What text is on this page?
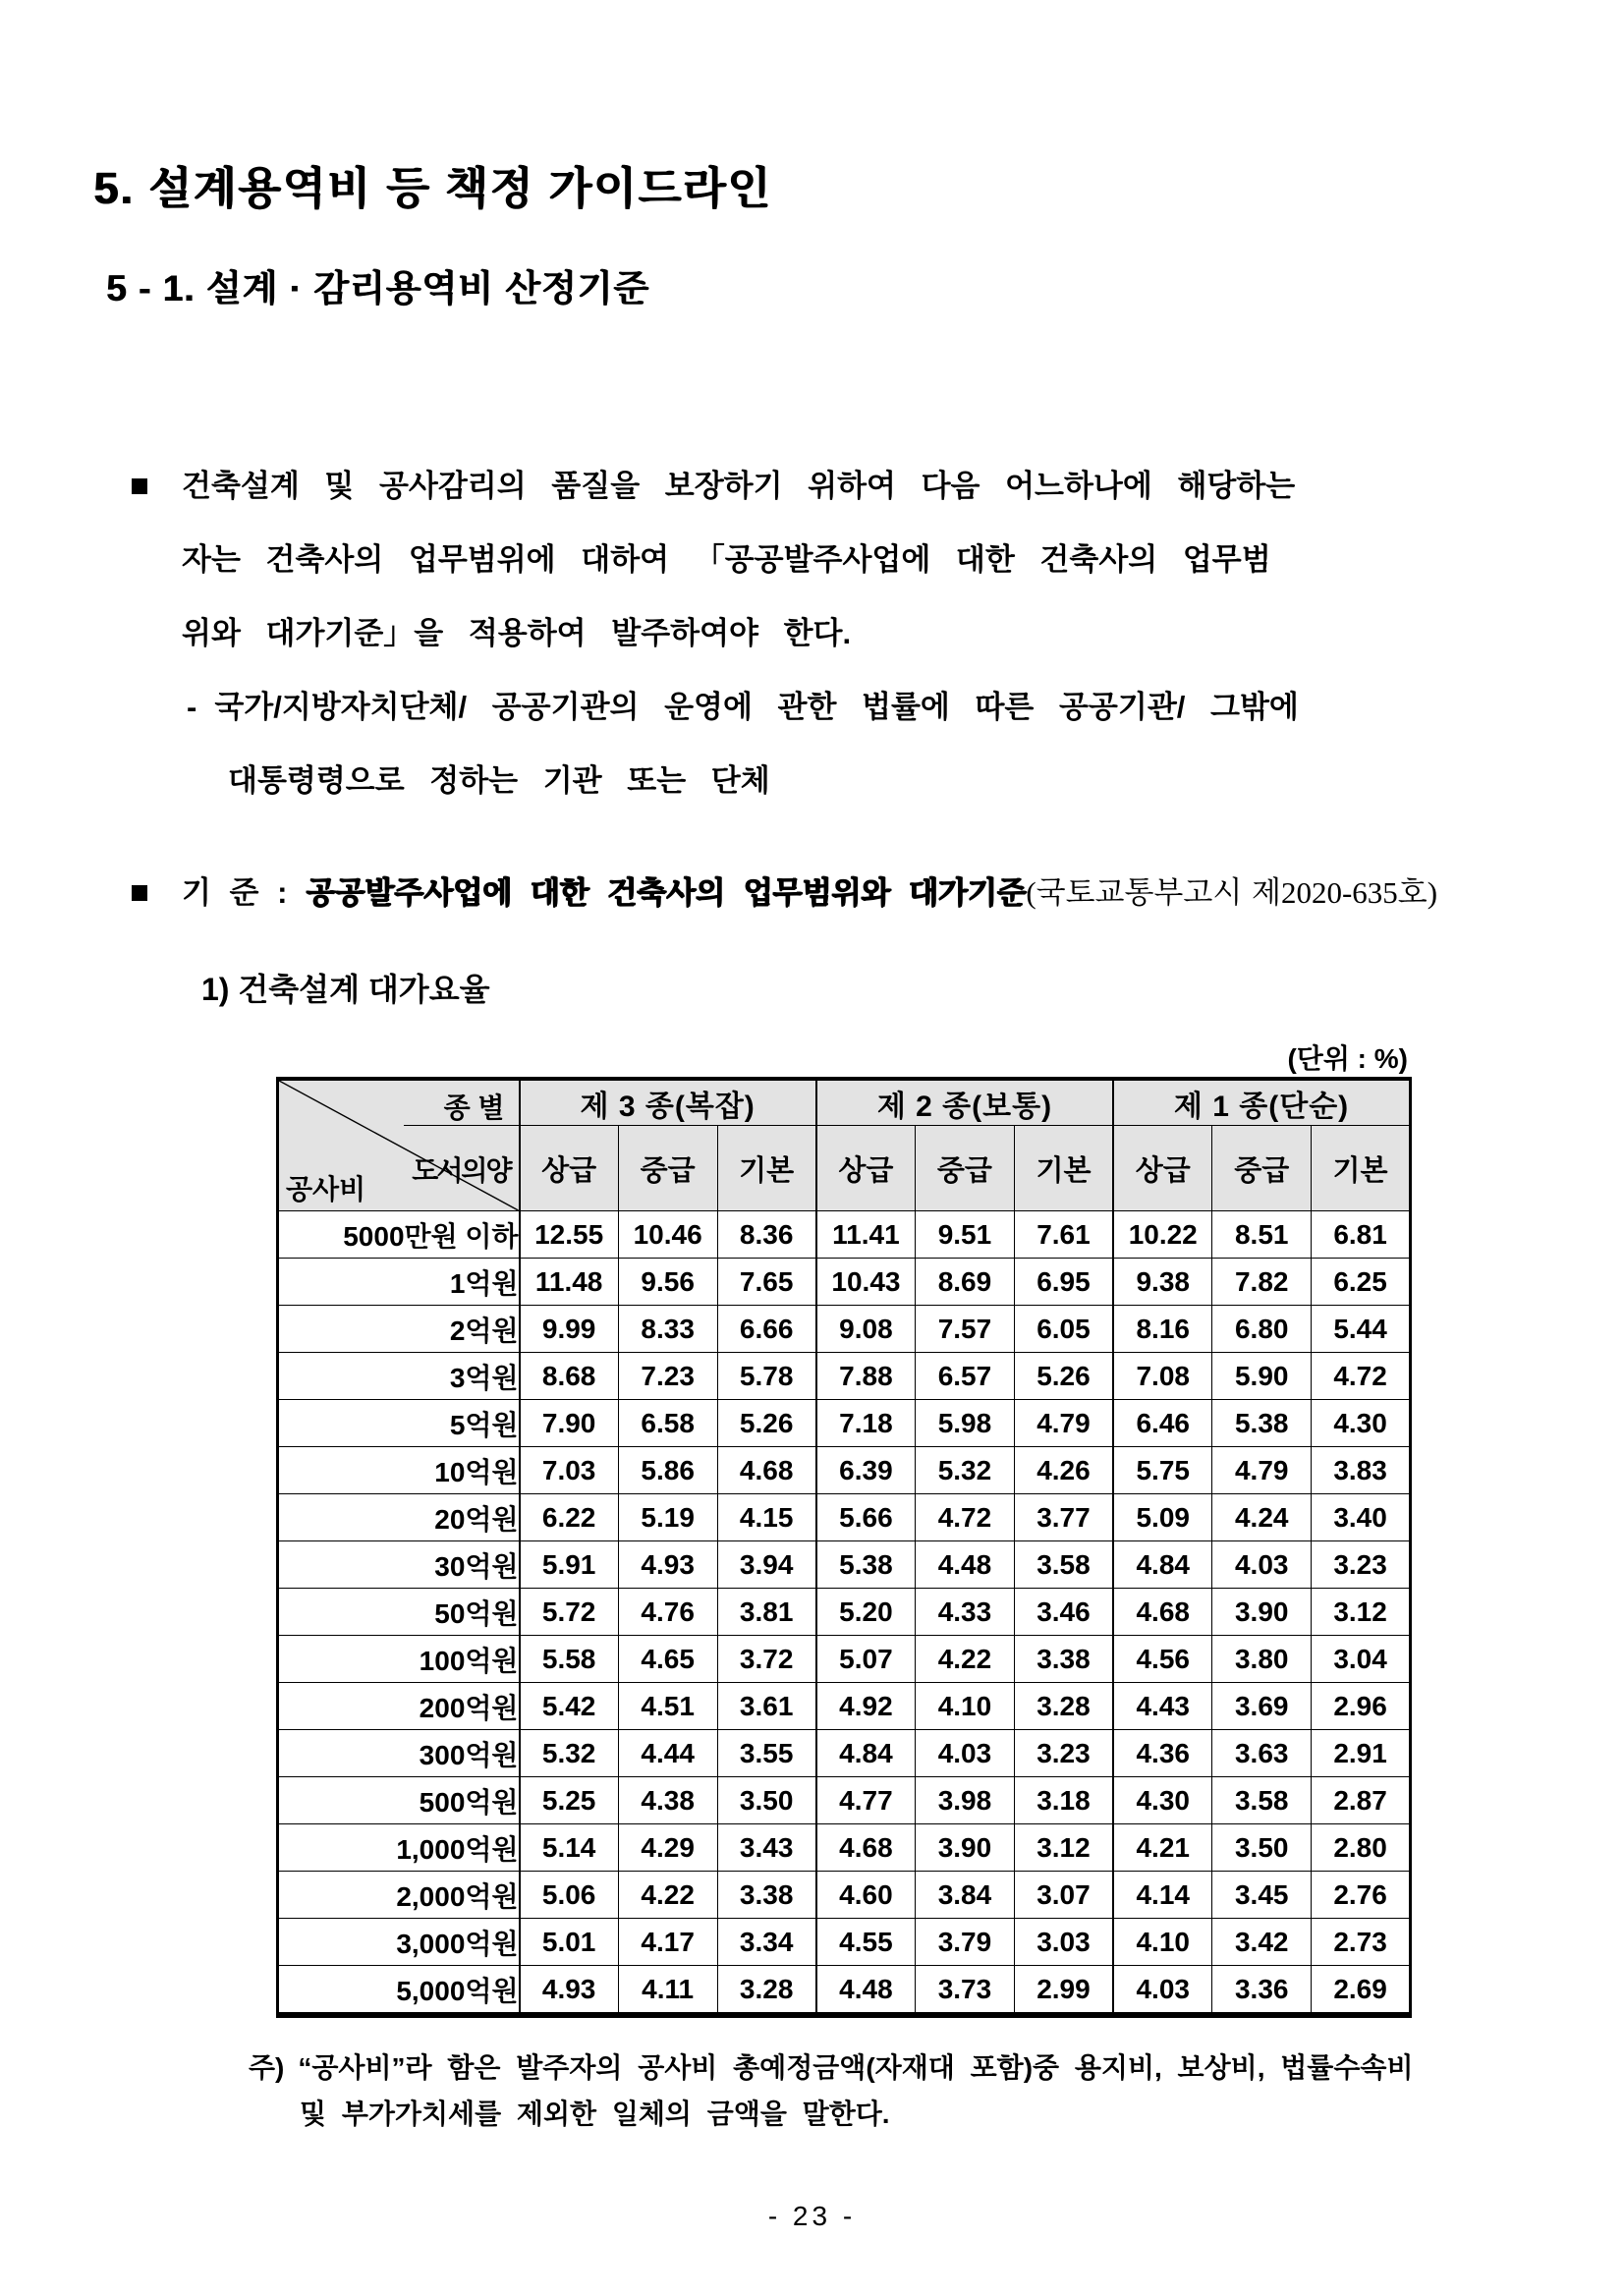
5. 설계용역비 등 책정 가이드라인
5 - 1. 설계 · 감리용역비 산정기준
건축설계 및 공사감리의 품질을 보장하기 위하여 다음 어느하나에 해당하는
자는 건축사의 업무범위에 대하여 「공공발주사업에 대한 건축사의 업무범
위와 대가기준」을 적용하여 발주하여야 한다.
- 국가/지방자치단체/ 공공기관의 운영에 관한 법률에 따른 공공기관/ 그밖에
대통령령으로 정하는 기관 또는 단체
기 준 : 공공발주사업에 대한 건축사의 업무범위와 대가기준(국토교통부고시 제2020-635호)
1) 건축설계 대가요율
(단위 : %)
종 별
도서의양
공사비	제 3 종(복잡)			제 2 종(보통)			제 1 종(단순)		
	상급	중급	기본	상급	중급	기본	상급	중급	기본
5000만원 이하	12.55	10.46	8.36	11.41	9.51	7.61	10.22	8.51	6.81
1억원	11.48	9.56	7.65	10.43	8.69	6.95	9.38	7.82	6.25
2억원	9.99	8.33	6.66	9.08	7.57	6.05	8.16	6.80	5.44
3억원	8.68	7.23	5.78	7.88	6.57	5.26	7.08	5.90	4.72
5억원	7.90	6.58	5.26	7.18	5.98	4.79	6.46	5.38	4.30
10억원	7.03	5.86	4.68	6.39	5.32	4.26	5.75	4.79	3.83
20억원	6.22	5.19	4.15	5.66	4.72	3.77	5.09	4.24	3.40
30억원	5.91	4.93	3.94	5.38	4.48	3.58	4.84	4.03	3.23
50억원	5.72	4.76	3.81	5.20	4.33	3.46	4.68	3.90	3.12
100억원	5.58	4.65	3.72	5.07	4.22	3.38	4.56	3.80	3.04
200억원	5.42	4.51	3.61	4.92	4.10	3.28	4.43	3.69	2.96
300억원	5.32	4.44	3.55	4.84	4.03	3.23	4.36	3.63	2.91
500억원	5.25	4.38	3.50	4.77	3.98	3.18	4.30	3.58	2.87
1,000억원	5.14	4.29	3.43	4.68	3.90	3.12	4.21	3.50	2.80
2,000억원	5.06	4.22	3.38	4.60	3.84	3.07	4.14	3.45	2.76
3,000억원	5.01	4.17	3.34	4.55	3.79	3.03	4.10	3.42	2.73
5,000억원	4.93	4.11	3.28	4.48	3.73	2.99	4.03	3.36	2.69
주) “공사비”라 함은 발주자의 공사비 총예정금액(자재대 포함)중 용지비, 보상비, 법률수속비
및 부가가치세를 제외한 일체의 금액을 말한다.
- 23 -
